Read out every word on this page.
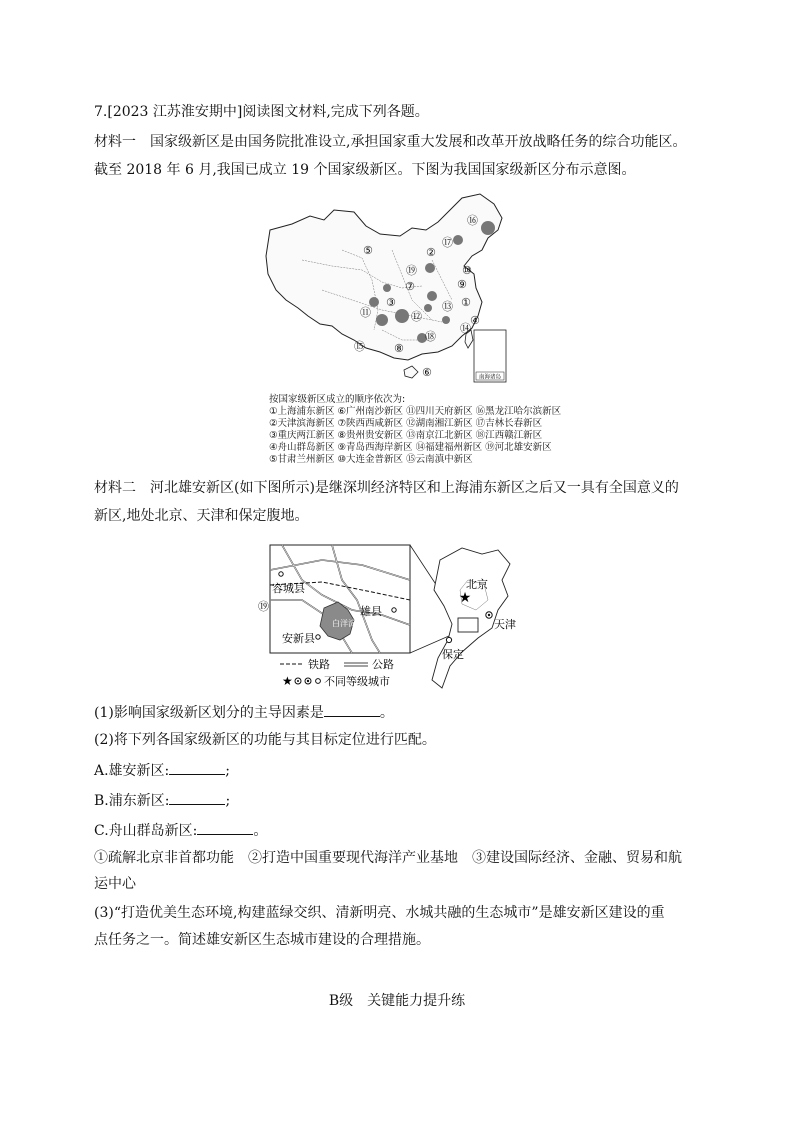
7.[2023 江苏淮安期中]阅读图文材料,完成下列各题。
材料一　国家级新区是由国务院批准设立,承担国家重大发展和改革开放战略任务的综合功能区。
截至 2018 年 6 月,我国已成立 19 个国家级新区。下图为我国国家级新区分布示意图。
南海诸岛
①
②
③
④
⑤
⑥
⑦
⑧
⑨
⑩
⑪	⑫
⑬
⑭
⑮
⑯
⑰
⑱
⑲
按国家级新区成立的顺序依次为:
①上海浦东新区 ⑥广州南沙新区 ⑪四川天府新区 ⑯黑龙江哈尔滨新区
②天津滨海新区 ⑦陕西西咸新区 ⑫湖南湘江新区 ⑰吉林长春新区
③重庆两江新区 ⑧贵州贵安新区 ⑬南京江北新区 ⑱江西赣江新区
④舟山群岛新区 ⑨青岛西海岸新区 ⑭福建福州新区 ⑲河北雄安新区
⑤甘肃兰州新区 ⑩大连金普新区 ⑮云南滇中新区
材料二　河北雄安新区(如下图所示)是继深圳经济特区和上海浦东新区之后又一具有全国意义的
新区,地处北京、天津和保定腹地。
容城县
雄县
安新县
白洋淀
⑲
★
北京
天津
保定
铁路	公路
★	不同等级城市
(1)影响国家级新区划分的主导因素是	。
(2)将下列各国家级新区的功能与其目标定位进行匹配。
A.雄安新区:	;
B.浦东新区:	;
C.舟山群岛新区:	。
①疏解北京非首都功能　②打造中国重要现代海洋产业基地　③建设国际经济、金融、贸易和航
运中心
(3)“打造优美生态环境,构建蓝绿交织、清新明亮、水城共融的生态城市”是雄安新区建设的重
点任务之一。简述雄安新区生态城市建设的合理措施。
B级　关键能力提升练
